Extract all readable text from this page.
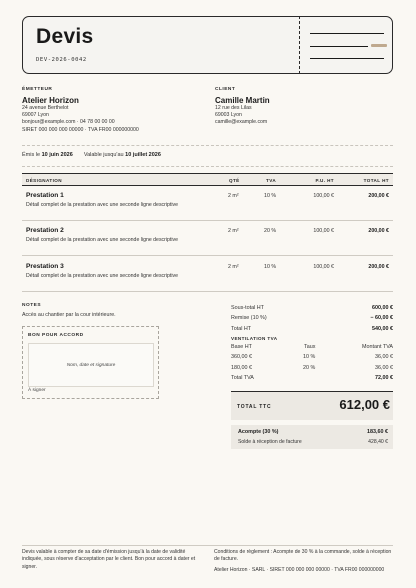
Devis
DEV-2026-0042
ÉMETTEUR
Atelier Horizon
24 avenue Berthelot
69007 Lyon
bonjour@example.com · 04 78 00 00 00
SIRET 000 000 000 00000 · TVA FR00 000000000
CLIENT
Camille Martin
12 rue des Lilas
69003 Lyon
camille@example.com
Émis le 10 juin 2026 Valable jusqu'au 10 juillet 2026
DÉSIGNATION	QTÉ	TVA	P.U. HT	TOTAL HT
Prestation 1
Détail complet de la prestation avec une seconde ligne descriptive
2 m²	10 %	100,00 €	200,00 €
Prestation 2
Détail complet de la prestation avec une seconde ligne descriptive
2 m²	20 %	100,00 €	200,00 €
Prestation 3
Détail complet de la prestation avec une seconde ligne descriptive
2 m²	10 %	100,00 €	200,00 €
NOTES
Accès au chantier par la cour intérieure.
BON POUR ACCORD
Nom, date et signature
À signer
Sous-total HT	600,00 €
Remise (10 %)	− 60,00 €
Total HT	540,00 €
VENTILATION TVA
Base HT	Taux	Montant TVA
360,00 €	10 %	36,00 €
180,00 €	20 %	36,00 €
Total TVA	72,00 €
TOTAL TTC	612,00 €
Acompte (30 %)	183,60 €
Solde à réception de facture	428,40 €
Devis valable à compter de sa date d'émission jusqu'à la date de validité indiquée, sous réserve d'acceptation par le client. Bon pour accord à dater et signer.
Conditions de règlement : Acompte de 30 % à la commande, solde à réception de facture.
Atelier Horizon · SARL · SIRET 000 000 000 00000 · TVA FR00 000000000
